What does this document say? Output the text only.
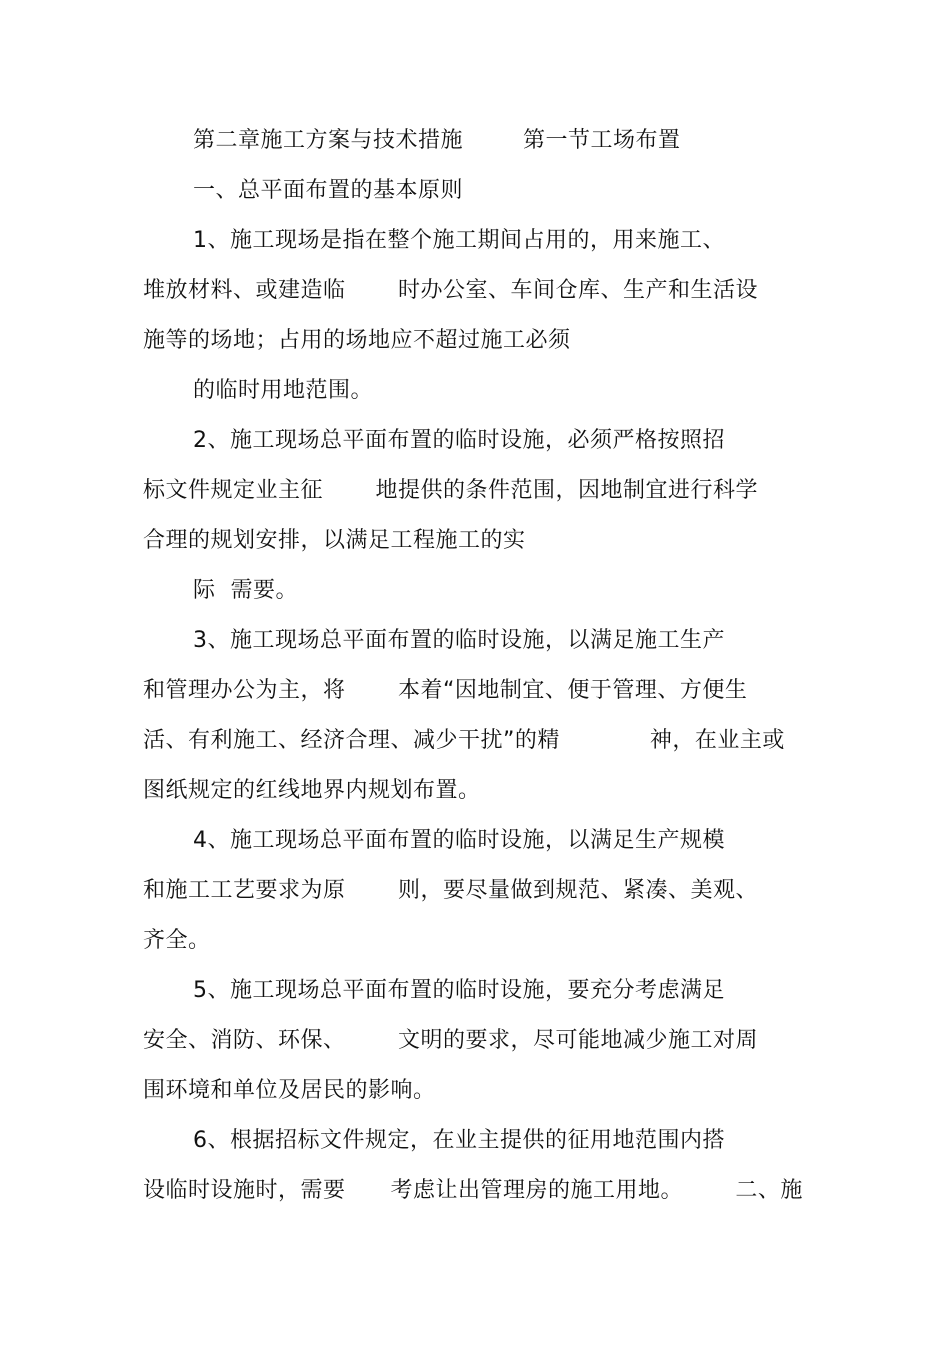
第二章施工方案与技术措施        第一节工场布置
一、总平面布置的基本原则
1、施工现场是指在整个施工期间占用的，用来施工、
堆放材料、或建造临       时办公室、车间仓库、生产和生活设
施等的场地；占用的场地应不超过施工必须
的临时用地范围。
2、施工现场总平面布置的临时设施，必须严格按照招
标文件规定业主征       地提供的条件范围，因地制宜进行科学
合理的规划安排，以满足工程施工的实
际  需要。
3、施工现场总平面布置的临时设施，以满足施工生产
和管理办公为主，将       本着“因地制宜、便于管理、方便生
活、有利施工、经济合理、减少干扰”的精            神，在业主或
图纸规定的红线地界内规划布置。
4、施工现场总平面布置的临时设施，以满足生产规模
和施工工艺要求为原       则，要尽量做到规范、紧凑、美观、
齐全。
5、施工现场总平面布置的临时设施，要充分考虑满足
安全、消防、环保、       文明的要求，尽可能地减少施工对周
围环境和单位及居民的影响。
6、根据招标文件规定，在业主提供的征用地范围内搭
设临时设施时，需要      考虑让出管理房的施工用地。       二、施
